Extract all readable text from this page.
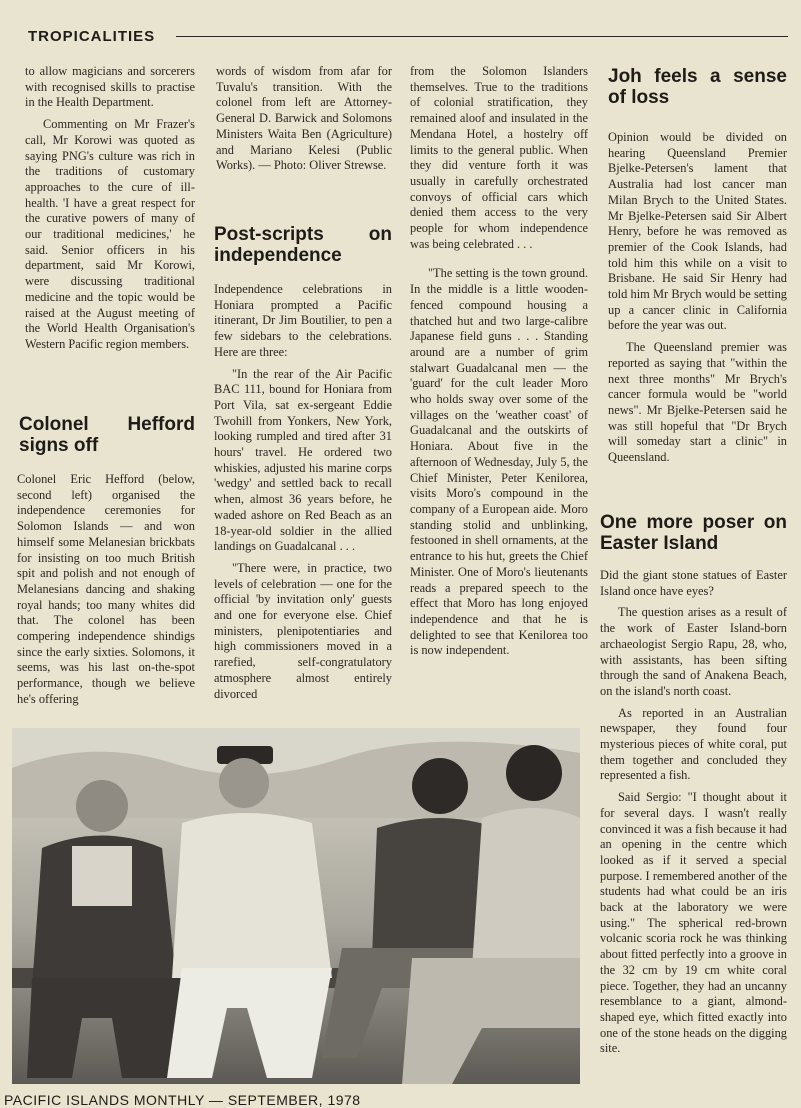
TROPICALITIES

to allow magicians and sorcerers with recognised skills to practise in the Health Department.

Commenting on Mr Frazer's call, Mr Korowi was quoted as saying PNG's culture was rich in the traditions of customary approaches to the cure of ill-health. 'I have a great respect for the curative powers of many of our traditional medicines,' he said. Senior officers in his department, said Mr Korowi, were discussing traditional medicine and the topic would be raised at the August meeting of the World Health Organisation's Western Pacific region members.

Colonel Hefford signs off

Colonel Eric Hefford (below, second left) organised the independence ceremonies for Solomon Islands — and won himself some Melanesian brickbats for insisting on too much British spit and polish and not enough of Melanesians dancing and shaking royal hands; too many whites did that. The colonel has been compering independence shindigs since the early sixties. Solomons, it seems, was his last on-the-spot performance, though we believe he's offering

words of wisdom from afar for Tuvalu's transition. With the colonel from left are Attorney-General D. Barwick and Solomons Ministers Waita Ben (Agriculture) and Mariano Kelesi (Public Works). — Photo: Oliver Strewse.

Post-scripts on independence

Independence celebrations in Honiara prompted a Pacific itinerant, Dr Jim Boutilier, to pen a few sidebars to the celebrations. Here are three:

"In the rear of the Air Pacific BAC 111, bound for Honiara from Port Vila, sat ex-sergeant Eddie Twohill from Yonkers, New York, looking rumpled and tired after 31 hours' travel. He ordered two whiskies, adjusted his marine corps 'wedgy' and settled back to recall when, almost 36 years before, he waded ashore on Red Beach as an 18-year-old soldier in the allied landings on Guadalcanal . . .

"There were, in practice, two levels of celebration — one for the official 'by invitation only' guests and one for everyone else. Chief ministers, plenipotentiaries and high commissioners moved in a rarefied, self-congratulatory atmosphere almost entirely divorced

from the Solomon Islanders themselves. True to the traditions of colonial stratification, they remained aloof and insulated in the Mendana Hotel, a hostelry off limits to the general public. When they did venture forth it was usually in carefully orchestrated convoys of official cars which denied them access to the very people for whom independence was being celebrated . . .

"The setting is the town ground. In the middle is a little wooden-fenced compound housing a thatched hut and two large-calibre Japanese field guns . . . Standing around are a number of grim stalwart Guadalcanal men — the 'guard' for the cult leader Moro who holds sway over some of the villages on the 'weather coast' of Guadalcanal and the outskirts of Honiara. About five in the afternoon of Wednesday, July 5, the Chief Minister, Peter Kenilorea, visits Moro's compound in the company of a European aide. Moro standing stolid and unblinking, festooned in shell ornaments, at the entrance to his hut, greets the Chief Minister. One of Moro's lieutenants reads a prepared speech to the effect that Moro has long enjoyed independence and that he is delighted to see that Kenilorea too is now independent.

Joh feels a sense of loss

Opinion would be divided on hearing Queensland Premier Bjelke-Petersen's lament that Australia had lost cancer man Milan Brych to the United States. Mr Bjelke-Petersen said Sir Albert Henry, before he was removed as premier of the Cook Islands, had told him this while on a visit to Brisbane. He said Sir Henry had told him Mr Brych would be setting up a cancer clinic in California before the year was out.

The Queensland premier was reported as saying that "within the next three months" Mr Brych's cancer formula would be "world news". Mr Bjelke-Petersen said he was still hopeful that "Dr Brych will someday start a clinic" in Queensland.

One more poser on Easter Island

Did the giant stone statues of Easter Island once have eyes?

The question arises as a result of the work of Easter Island-born archaeologist Sergio Rapu, 28, who, with assistants, has been sifting through the sand of Anakena Beach, on the island's north coast.

As reported in an Australian newspaper, they found four mysterious pieces of white coral, put them together and concluded they represented a fish.

Said Sergio: "I thought about it for several days. I wasn't really convinced it was a fish because it had an opening in the centre which looked as if it served a special purpose. I remembered another of the students had what could be an iris back at the laboratory we were using." The spherical red-brown volcanic scoria rock he was thinking about fitted perfectly into a groove in the 32 cm by 19 cm white coral piece. Together, they had an uncanny resemblance to a giant, almond-shaped eye, which fitted exactly into one of the stone heads on the digging site.

PACIFIC ISLANDS MONTHLY — SEPTEMBER, 1978
